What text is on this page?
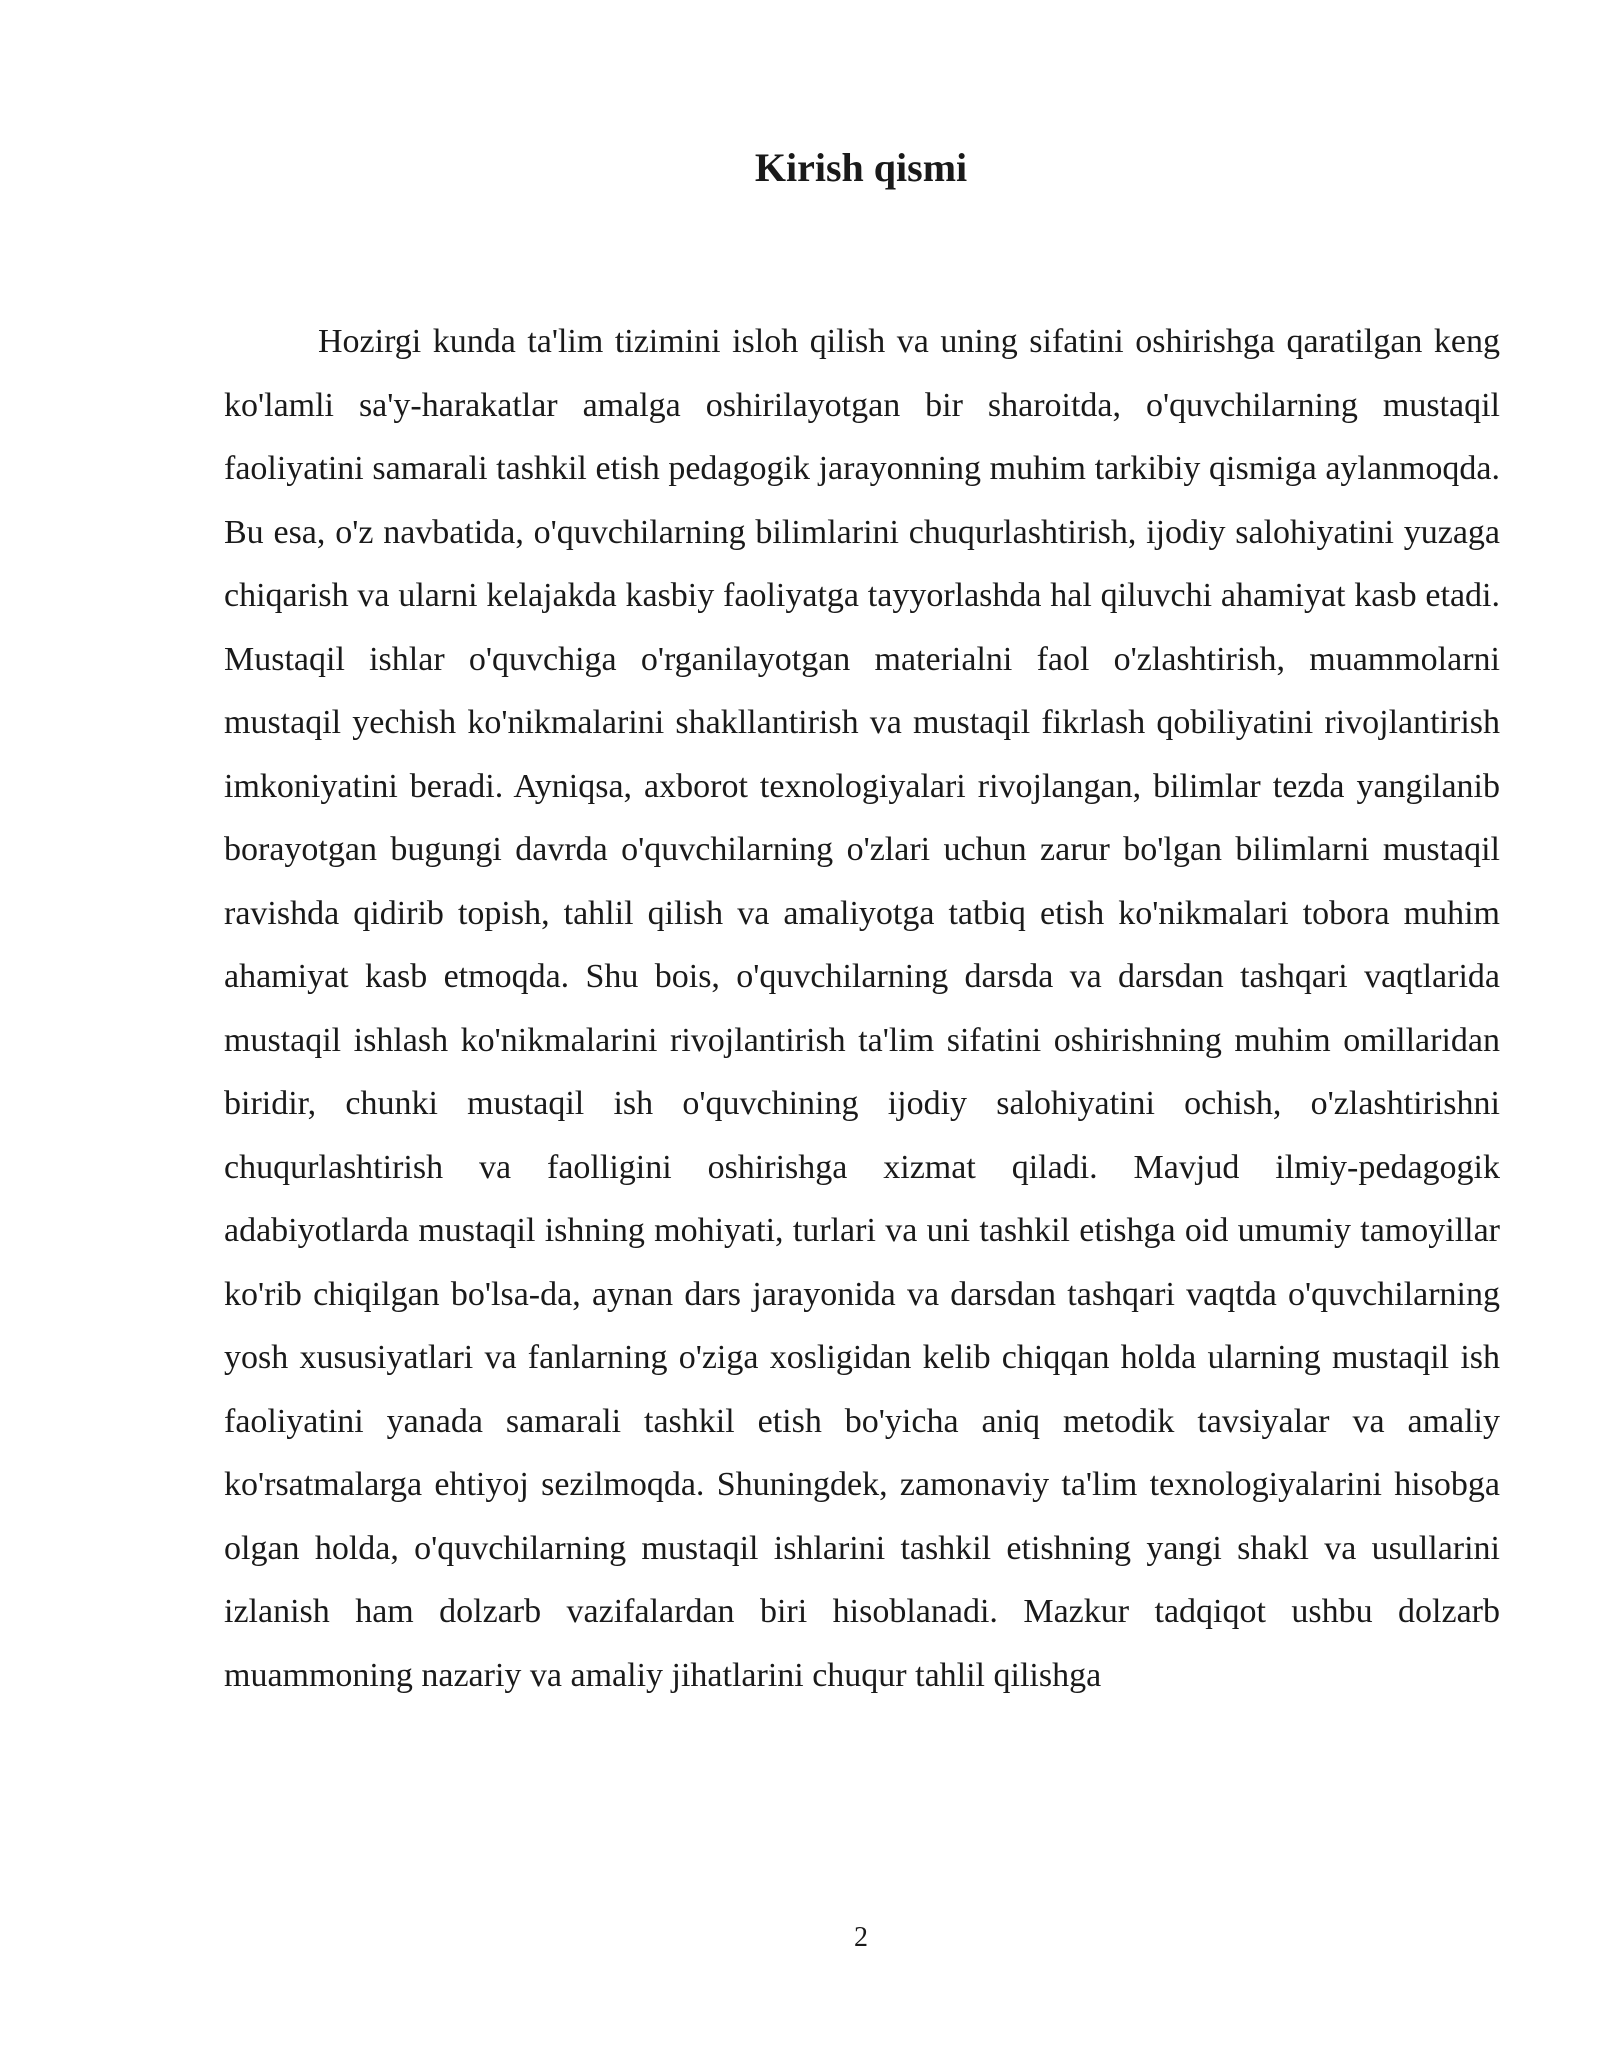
Kirish qismi

Hozirgi kunda ta'lim tizimini isloh qilish va uning sifatini oshirishga qaratilgan keng ko'lamli sa'y-harakatlar amalga oshirilayotgan bir sharoitda, o'quvchilarning mustaqil faoliyatini samarali tashkil etish pedagogik jarayonning muhim tarkibiy qismiga aylanmoqda. Bu esa, o'z navbatida, o'quvchilarning bilimlarini chuqurlashtirish, ijodiy salohiyatini yuzaga chiqarish va ularni kelajakda kasbiy faoliyatga tayyorlashda hal qiluvchi ahamiyat kasb etadi. Mustaqil ishlar o'quvchiga o'rganilayotgan materialni faol o'zlashtirish, muammolarni mustaqil yechish ko'nikmalarini shakllantirish va mustaqil fikrlash qobiliyatini rivojlantirish imkoniyatini beradi. Ayniqsa, axborot texnologiyalari rivojlangan, bilimlar tezda yangilanib borayotgan bugungi davrda o'quvchilarning o'zlari uchun zarur bo'lgan bilimlarni mustaqil ravishda qidirib topish, tahlil qilish va amaliyotga tatbiq etish ko'nikmalari tobora muhim ahamiyat kasb etmoqda. Shu bois, o'quvchilarning darsda va darsdan tashqari vaqtlarida mustaqil ishlash ko'nikmalarini rivojlantirish ta'lim sifatini oshirishning muhim omillaridan biridir, chunki mustaqil ish o'quvchining ijodiy salohiyatini ochish, o'zlashtirishni chuqurlashtirish va faolligini oshirishga xizmat qiladi. Mavjud ilmiy-pedagogik adabiyotlarda mustaqil ishning mohiyati, turlari va uni tashkil etishga oid umumiy tamoyillar ko'rib chiqilgan bo'lsa-da, aynan dars jarayonida va darsdan tashqari vaqtda o'quvchilarning yosh xususiyatlari va fanlarning o'ziga xosligidan kelib chiqqan holda ularning mustaqil ish faoliyatini yanada samarali tashkil etish bo'yicha aniq metodik tavsiyalar va amaliy ko'rsatmalarga ehtiyoj sezilmoqda. Shuningdek, zamonaviy ta'lim texnologiyalarini hisobga olgan holda, o'quvchilarning mustaqil ishlarini tashkil etishning yangi shakl va usullarini izlanish ham dolzarb vazifalardan biri hisoblanadi. Mazkur tadqiqot ushbu dolzarb muammoning nazariy va amaliy jihatlarini chuqur tahlil qilishga

2
